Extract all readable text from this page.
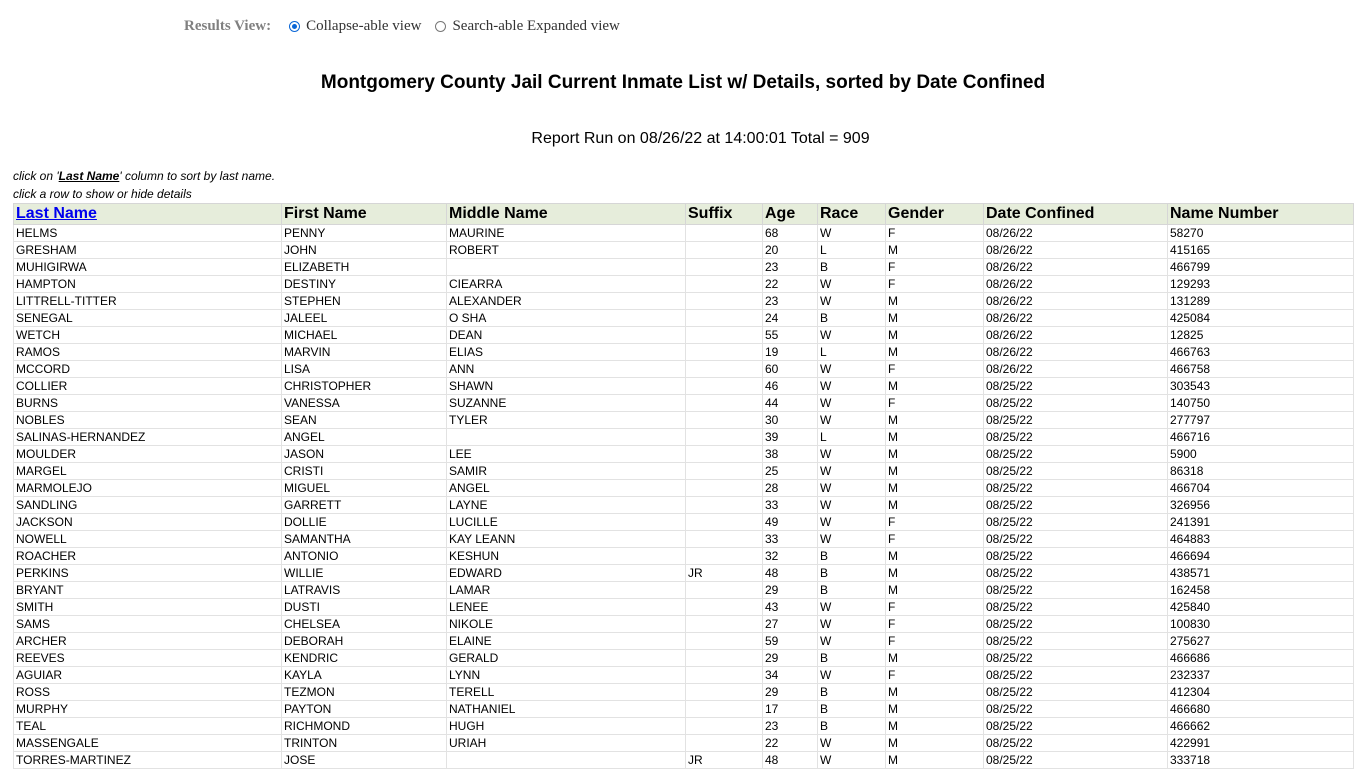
Results View: Collapse-able view Search-able Expanded view
Montgomery County Jail Current Inmate List w/ Details, sorted by Date Confined
Report Run on 08/26/22 at 14:00:01 Total = 909
click on 'Last Name' column to sort by last name.
click a row to show or hide details
Last Name	First Name	Middle Name	Suffix	Age	Race	Gender	Date Confined	Name Number
HELMS	PENNY	MAURINE		68	W	F	08/26/22	58270
GRESHAM	JOHN	ROBERT		20	L	M	08/26/22	415165
MUHIGIRWA	ELIZABETH			23	B	F	08/26/22	466799
HAMPTON	DESTINY	CIEARRA		22	W	F	08/26/22	129293
LITTRELL-TITTER	STEPHEN	ALEXANDER		23	W	M	08/26/22	131289
SENEGAL	JALEEL	O SHA		24	B	M	08/26/22	425084
WETCH	MICHAEL	DEAN		55	W	M	08/26/22	12825
RAMOS	MARVIN	ELIAS		19	L	M	08/26/22	466763
MCCORD	LISA	ANN		60	W	F	08/26/22	466758
COLLIER	CHRISTOPHER	SHAWN		46	W	M	08/25/22	303543
BURNS	VANESSA	SUZANNE		44	W	F	08/25/22	140750
NOBLES	SEAN	TYLER		30	W	M	08/25/22	277797
SALINAS-HERNANDEZ	ANGEL			39	L	M	08/25/22	466716
MOULDER	JASON	LEE		38	W	M	08/25/22	5900
MARGEL	CRISTI	SAMIR		25	W	M	08/25/22	86318
MARMOLEJO	MIGUEL	ANGEL		28	W	M	08/25/22	466704
SANDLING	GARRETT	LAYNE		33	W	M	08/25/22	326956
JACKSON	DOLLIE	LUCILLE		49	W	F	08/25/22	241391
NOWELL	SAMANTHA	KAY LEANN		33	W	F	08/25/22	464883
ROACHER	ANTONIO	KESHUN		32	B	M	08/25/22	466694
PERKINS	WILLIE	EDWARD	JR	48	B	M	08/25/22	438571
BRYANT	LATRAVIS	LAMAR		29	B	M	08/25/22	162458
SMITH	DUSTI	LENEE		43	W	F	08/25/22	425840
SAMS	CHELSEA	NIKOLE		27	W	F	08/25/22	100830
ARCHER	DEBORAH	ELAINE		59	W	F	08/25/22	275627
REEVES	KENDRIC	GERALD		29	B	M	08/25/22	466686
AGUIAR	KAYLA	LYNN		34	W	F	08/25/22	232337
ROSS	TEZMON	TERELL		29	B	M	08/25/22	412304
MURPHY	PAYTON	NATHANIEL		17	B	M	08/25/22	466680
TEAL	RICHMOND	HUGH		23	B	M	08/25/22	466662
MASSENGALE	TRINTON	URIAH		22	W	M	08/25/22	422991
TORRES-MARTINEZ	JOSE		JR	48	W	M	08/25/22	333718
